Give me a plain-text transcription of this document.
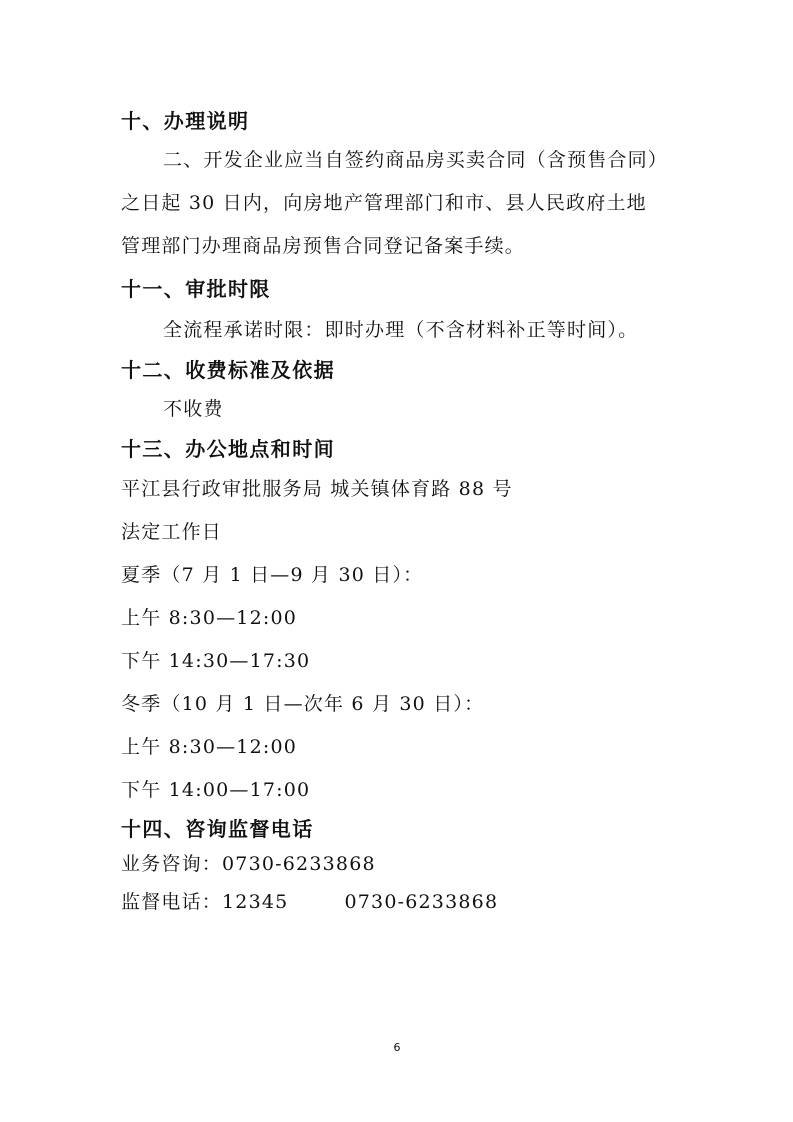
十、办理说明
二、开发企业应当自签约商品房买卖合同（含预售合同）
之日起 30 日内，向房地产管理部门和市、县人民政府土地
管理部门办理商品房预售合同登记备案手续。
十一、审批时限
全流程承诺时限：即时办理（不含材料补正等时间）。
十二、收费标准及依据
不收费
十三、办公地点和时间
平江县行政审批服务局 城关镇体育路 88 号
法定工作日
夏季（7 月 1 日—9 月 30 日）：
上午 8:30—12:00
下午 14:30—17:30
冬季（10 月 1 日—次年 6 月 30 日）：
上午 8:30—12:00
下午 14:00—17:00
十四、咨询监督电话
业务咨询：0730-6233868
监督电话：12345	0730-6233868
6
